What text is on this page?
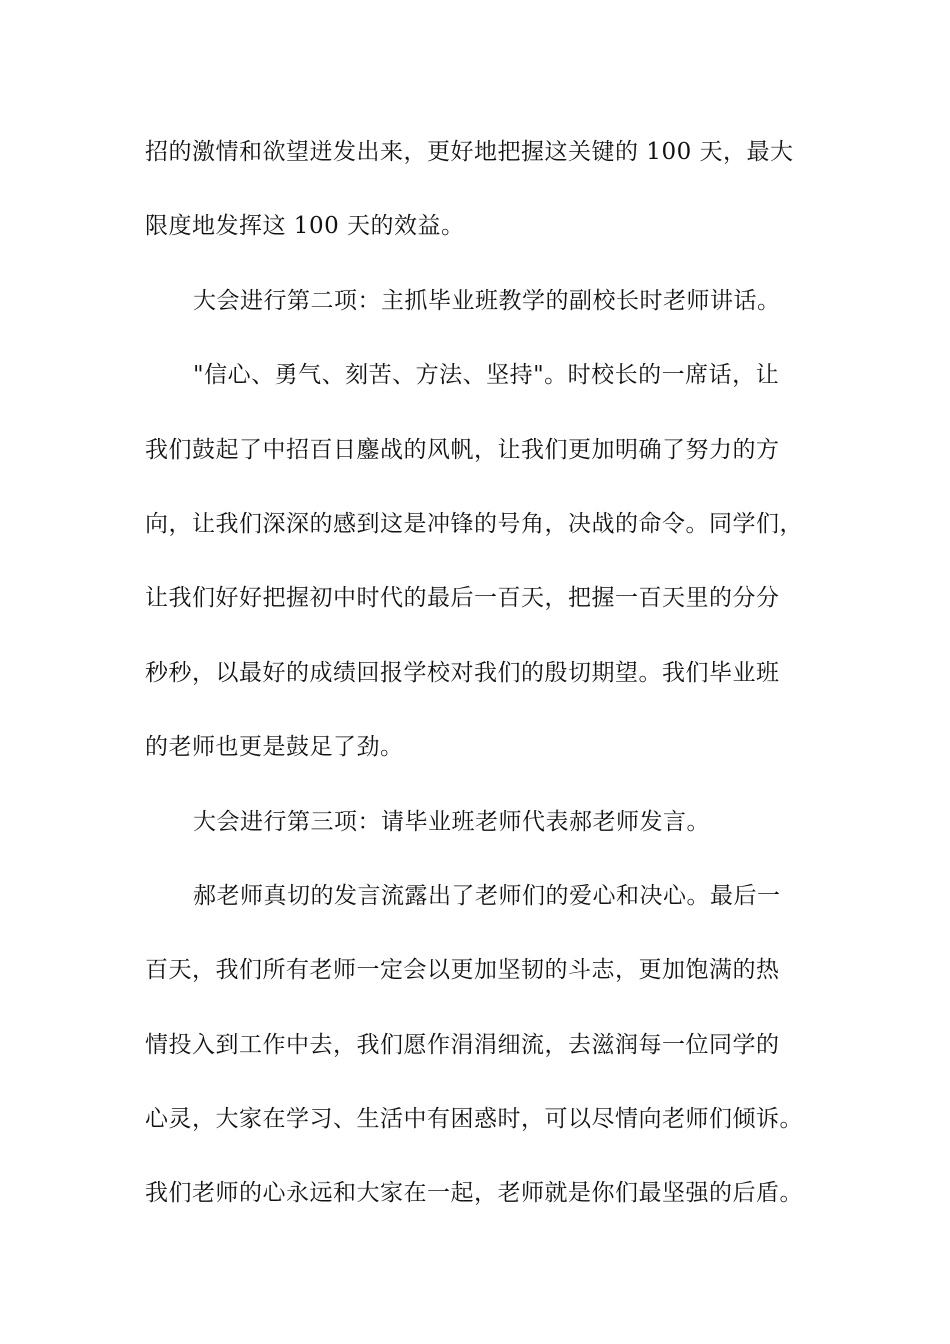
招的激情和欲望迸发出来，更好地把握这关键的 100 天，最大
限度地发挥这 100 天的效益。
大会进行第二项：主抓毕业班教学的副校长时老师讲话。
"信心、勇气、刻苦、方法、坚持"。时校长的一席话，让
我们鼓起了中招百日鏖战的风帆，让我们更加明确了努力的方
向，让我们深深的感到这是冲锋的号角，决战的命令。同学们，
让我们好好把握初中时代的最后一百天，把握一百天里的分分
秒秒，以最好的成绩回报学校对我们的殷切期望。我们毕业班
的老师也更是鼓足了劲。
大会进行第三项：请毕业班老师代表郝老师发言。
郝老师真切的发言流露出了老师们的爱心和决心。最后一
百天，我们所有老师一定会以更加坚韧的斗志，更加饱满的热
情投入到工作中去，我们愿作涓涓细流，去滋润每一位同学的
心灵，大家在学习、生活中有困惑时，可以尽情向老师们倾诉。
我们老师的心永远和大家在一起，老师就是你们最坚强的后盾。
